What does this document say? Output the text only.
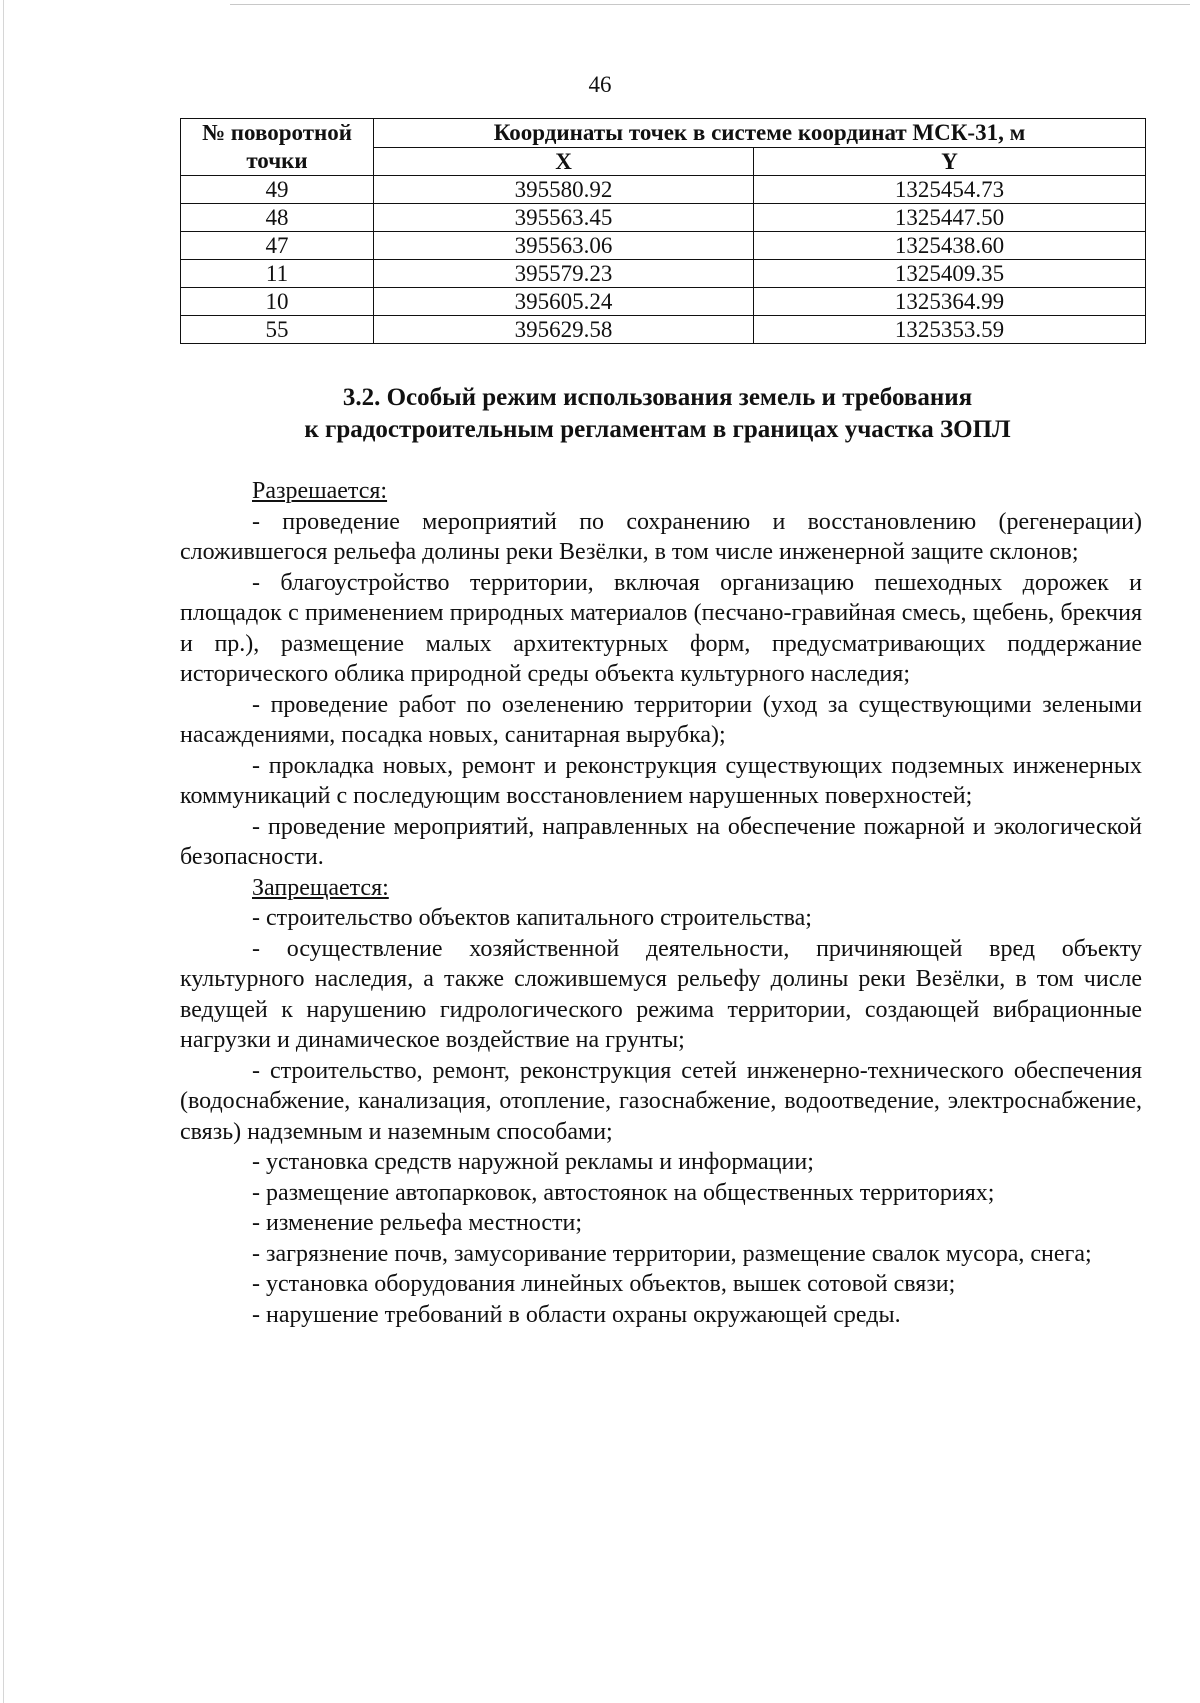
46
№ поворотной точки	Координаты точек в системе координат МСК-31, м	
	X	Y
49	395580.92	1325454.73
48	395563.45	1325447.50
47	395563.06	1325438.60
11	395579.23	1325409.35
10	395605.24	1325364.99
55	395629.58	1325353.59
3.2. Особый режим использования земель и требования
к градостроительным регламентам в границах участка ЗОПЛ

Разрешается:

- проведение мероприятий по сохранению и восстановлению (регенерации) сложившегося рельефа долины реки Везёлки, в том числе инженерной защите склонов;

- благоустройство территории, включая организацию пешеходных дорожек и площадок с применением природных материалов (песчано-гравийная смесь, щебень, брекчия и пр.), размещение малых архитектурных форм, предусматривающих поддержание исторического облика природной среды объекта культурного наследия;

- проведение работ по озеленению территории (уход за существующими зелеными насаждениями, посадка новых, санитарная вырубка);

- прокладка новых, ремонт и реконструкция существующих подземных инженерных коммуникаций с последующим восстановлением нарушенных поверхностей;

- проведение мероприятий, направленных на обеспечение пожарной и экологической безопасности.

Запрещается:

- строительство объектов капитального строительства;

- осуществление хозяйственной деятельности, причиняющей вред объекту культурного наследия, а также сложившемуся рельефу долины реки Везёлки, в том числе ведущей к нарушению гидрологического режима территории, создающей вибрационные нагрузки и динамическое воздействие на грунты;

- строительство, ремонт, реконструкция сетей инженерно-технического обеспечения (водоснабжение, канализация, отопление, газоснабжение, водоотведение, электроснабжение, связь) надземным и наземным способами;

- установка средств наружной рекламы и информации;

- размещение автопарковок, автостоянок на общественных территориях;

- изменение рельефа местности;

- загрязнение почв, замусоривание территории, размещение свалок мусора, снега;

- установка оборудования линейных объектов, вышек сотовой связи;

- нарушение требований в области охраны окружающей среды.
